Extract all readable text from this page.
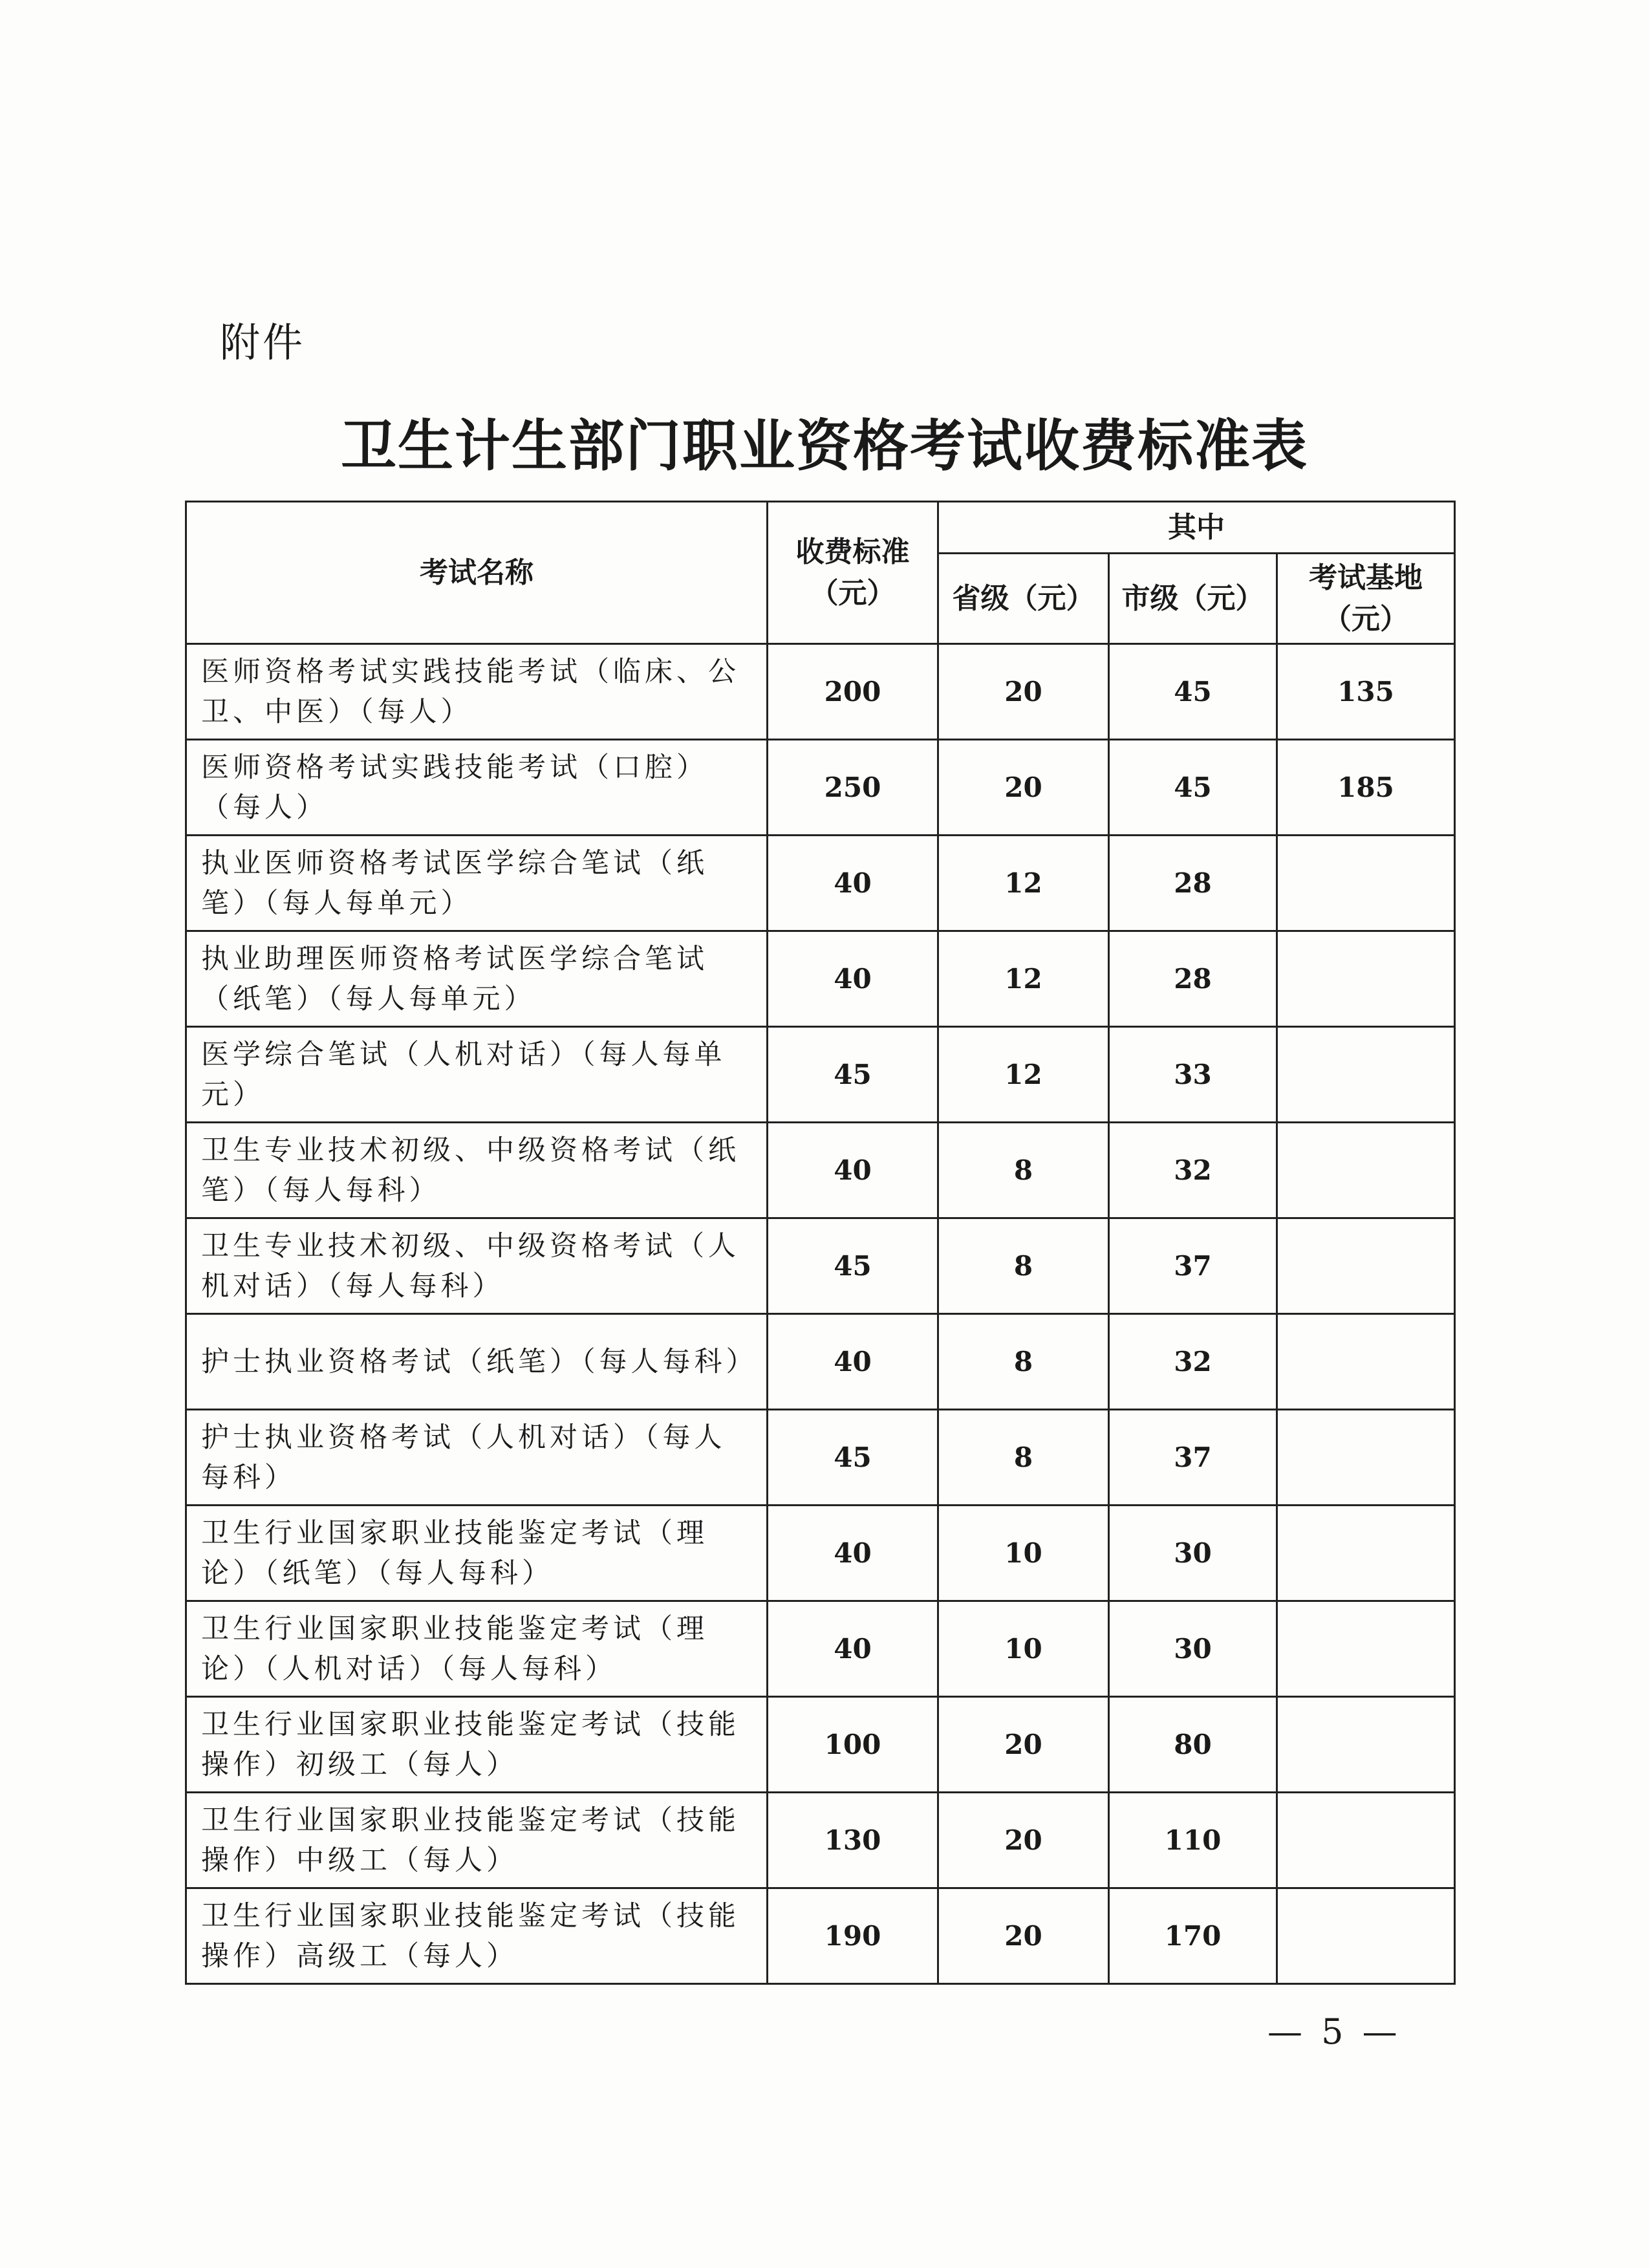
附件
卫生计生部门职业资格考试收费标准表
考试名称	收费标准（元）	其中		
		省级（元）	市级（元）	考试基地（元）
医师资格考试实践技能考试（临床、公卫、中医）（每人）	200	20	45	135
医师资格考试实践技能考试（口腔）（每人）	250	20	45	185
执业医师资格考试医学综合笔试（纸笔）（每人每单元）	40	12	28	
执业助理医师资格考试医学综合笔试（纸笔）（每人每单元）	40	12	28	
医学综合笔试（人机对话）（每人每单元）	45	12	33	
卫生专业技术初级、中级资格考试（纸笔）（每人每科）	40	8	32	
卫生专业技术初级、中级资格考试（人机对话）（每人每科）	45	8	37	
护士执业资格考试（纸笔）（每人每科）	40	8	32	
护士执业资格考试（人机对话）（每人每科）	45	8	37	
卫生行业国家职业技能鉴定考试（理论）（纸笔）（每人每科）	40	10	30	
卫生行业国家职业技能鉴定考试（理论）（人机对话）（每人每科）	40	10	30	
卫生行业国家职业技能鉴定考试（技能操作）初级工（每人）	100	20	80	
卫生行业国家职业技能鉴定考试（技能操作）中级工（每人）	130	20	110	
卫生行业国家职业技能鉴定考试（技能操作）高级工（每人）	190	20	170	
— 5 —
